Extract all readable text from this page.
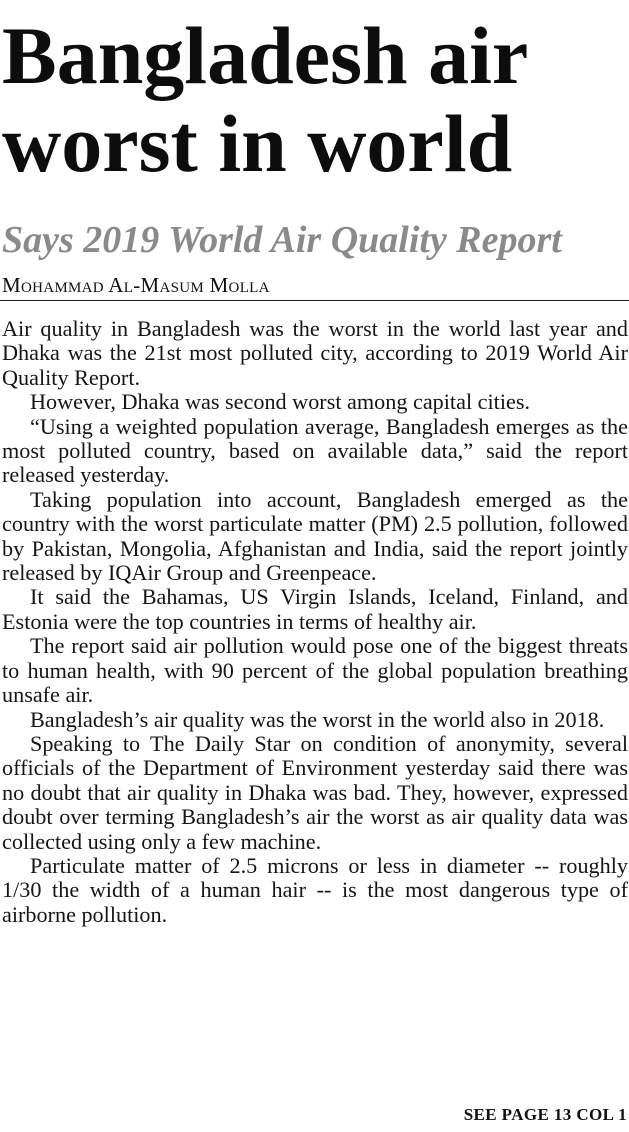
Bangladesh air worst in world
Says 2019 World Air Quality Report
Mohammad Al-Masum Molla

Air quality in Bangladesh was the worst in the world last year and Dhaka was the 21st most polluted city, according to 2019 World Air Quality Report.

However, Dhaka was second worst among capital cities.

“Using a weighted population average, Bangladesh emerges as the most polluted country, based on available data,” said the report released yesterday.

Taking population into account, Bangladesh emerged as the country with the worst particulate matter (PM) 2.5 pollution, followed by Pakistan, Mongolia, Afghanistan and India, said the report jointly released by IQAir Group and Greenpeace.

It said the Bahamas, US Virgin Islands, Iceland, Finland, and Estonia were the top countries in terms of healthy air.

The report said air pollution would pose one of the biggest threats to human health, with 90 percent of the global population breathing unsafe air.

Bangladesh’s air quality was the worst in the world also in 2018.

Speaking to The Daily Star on condition of anonymity, several officials of the Department of Environment yesterday said there was no doubt that air quality in Dhaka was bad. They, however, expressed doubt over terming Bangladesh’s air the worst as air quality data was collected using only a few machine.

Particulate matter of 2.5 microns or less in diameter -- roughly 1/30 the width of a human hair -- is the most dangerous type of airborne pollution.

SEE PAGE 13 COL 1
